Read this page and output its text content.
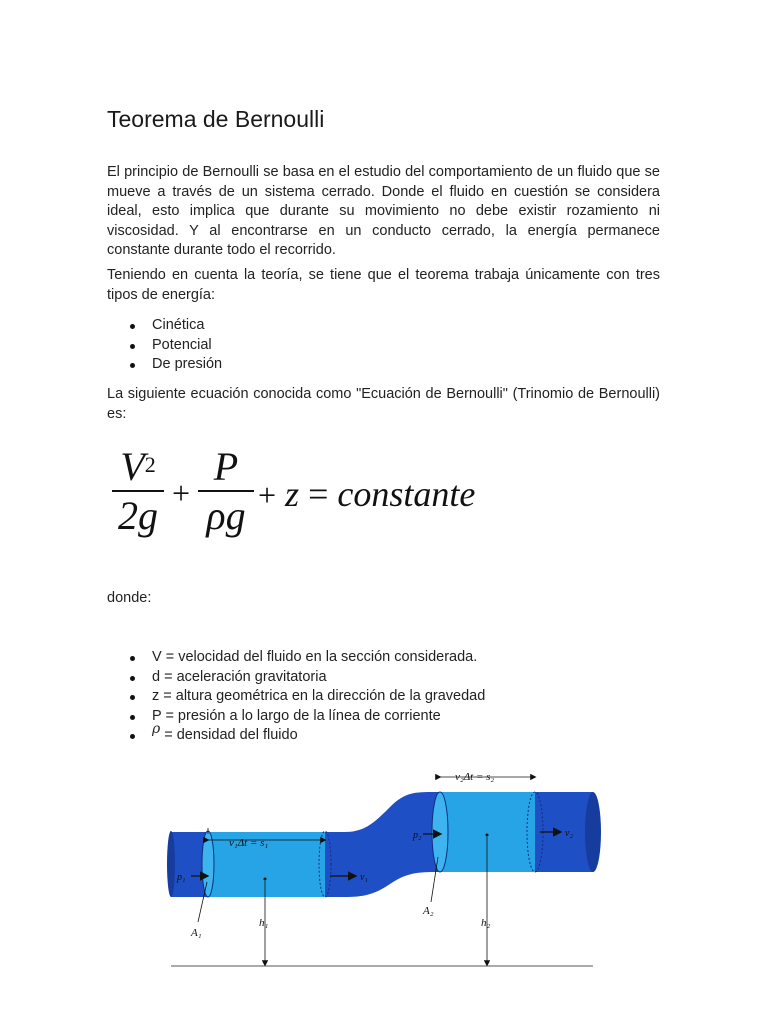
Teorema de Bernoulli

El principio de Bernoulli se basa en el estudio del comportamiento de un fluido que se mueve a través de un sistema cerrado. Donde el fluido en cuestión se considera ideal, esto implica que durante su movimiento no debe existir rozamiento ni viscosidad. Y al encontrarse en un conducto cerrado, la energía permanece constante durante todo el recorrido.

Teniendo en cuenta la teoría, se tiene que el teorema trabaja únicamente con tres tipos de energía:

Cinética
Potencial
De presión

La siguiente ecuación conocida como "Ecuación de Bernoulli" (Trinomio de Bernoulli) es:

$V^2$
2g +
P
ρg + z = constante

donde:

V = velocidad del fluido en la sección considerada.
d = aceleración gravitatoria
z = altura geométrica en la dirección de la gravedad
P = presión a lo largo de la línea de corriente
ρ = densidad del fluido
v₁Δt = s₁
v₂Δt = s₂
p₁	v₁
p₂	v₂
A₁
A₂
h₁	h₂
